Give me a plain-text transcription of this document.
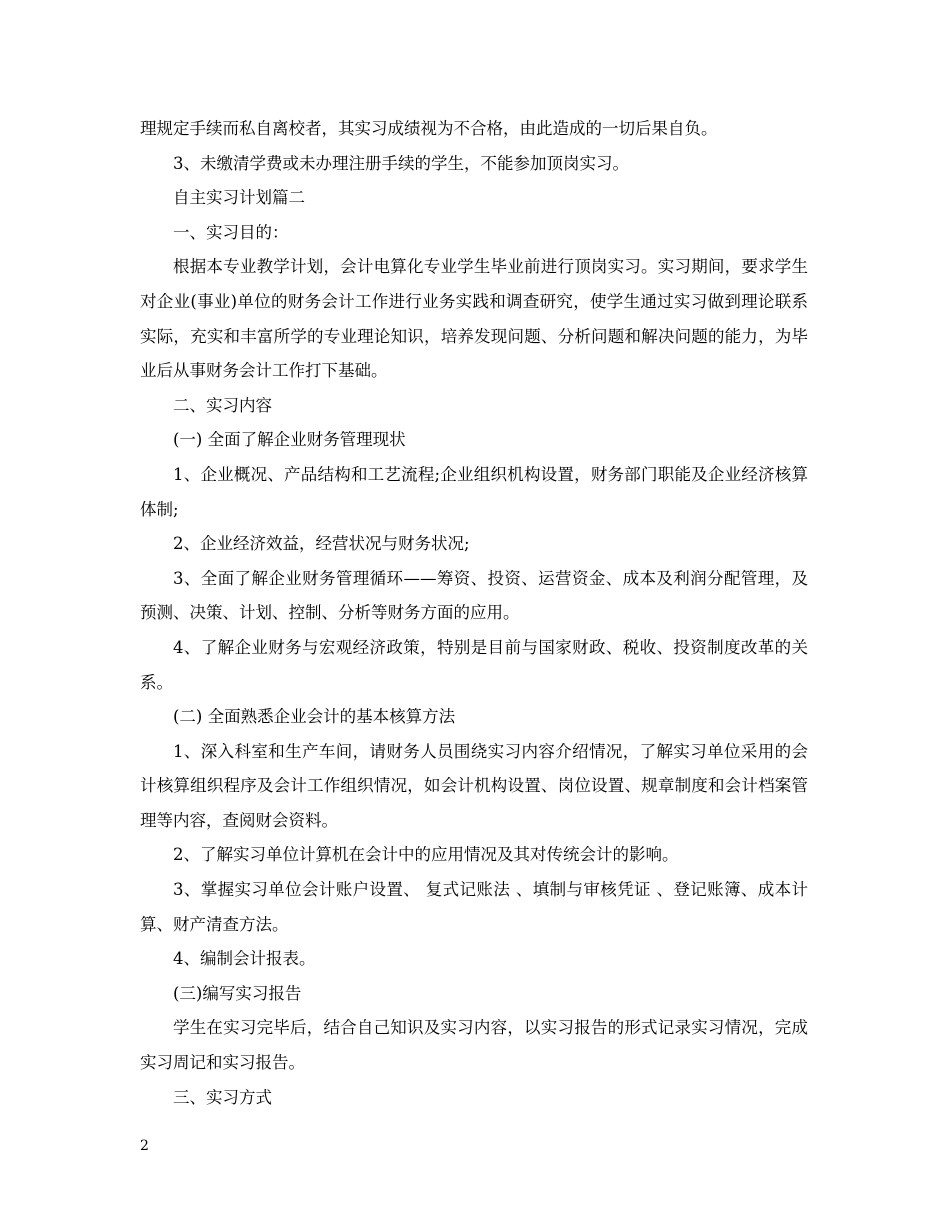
理规定手续而私自离校者，其实习成绩视为不合格，由此造成的一切后果自负。

3、未缴清学费或未办理注册手续的学生，不能参加顶岗实习。

自主实习计划篇二

一、实习目的：

根据本专业教学计划，会计电算化专业学生毕业前进行顶岗实习。实习期间，要求学生对企业(事业)单位的财务会计工作进行业务实践和调查研究，使学生通过实习做到理论联系实际，充实和丰富所学的专业理论知识，培养发现问题、分析问题和解决问题的能力，为毕业后从事财务会计工作打下基础。

二、实习内容

(一) 全面了解企业财务管理现状

1、企业概况、产品结构和工艺流程;企业组织机构设置，财务部门职能及企业经济核算体制;

2、企业经济效益，经营状况与财务状况;

3、全面了解企业财务管理循环——筹资、投资、运营资金、成本及利润分配管理，及预测、决策、计划、控制、分析等财务方面的应用。

4、了解企业财务与宏观经济政策，特别是目前与国家财政、税收、投资制度改革的关系。

(二) 全面熟悉企业会计的基本核算方法

1、深入科室和生产车间，请财务人员围绕实习内容介绍情况，了解实习单位采用的会计核算组织程序及会计工作组织情况，如会计机构设置、岗位设置、规章制度和会计档案管理等内容，查阅财会资料。

2、了解实习单位计算机在会计中的应用情况及其对传统会计的影响。

3、掌握实习单位会计账户设置、 复式记账法 、填制与审核凭证 、登记账簿、成本计算、财产清查方法。

4、编制会计报表。

(三)编写实习报告

学生在实习完毕后，结合自己知识及实习内容，以实习报告的形式记录实习情况，完成实习周记和实习报告。

三、实习方式

2
